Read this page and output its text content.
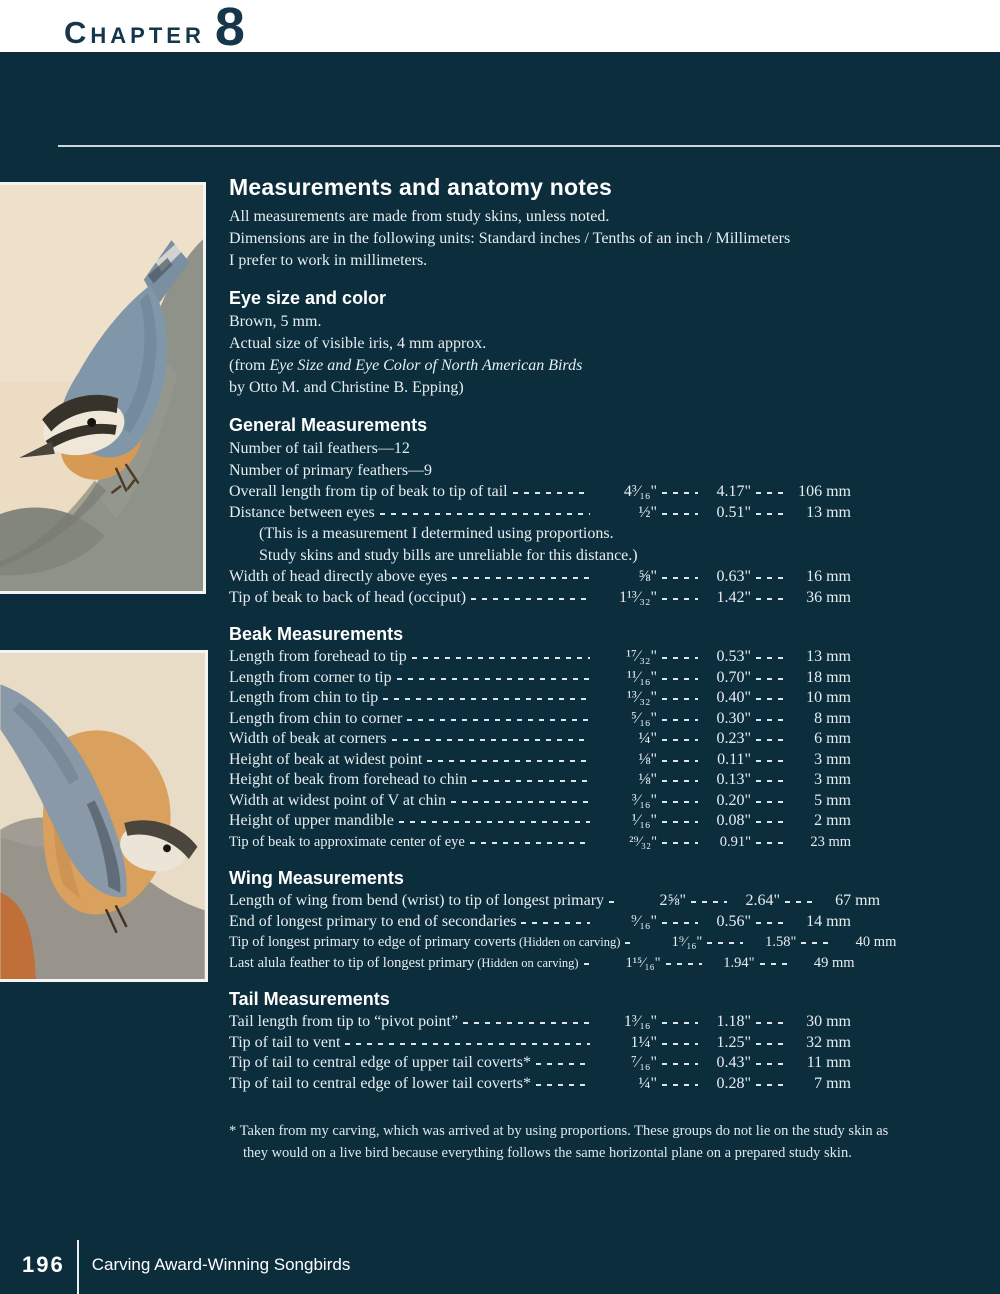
Chapter 8
Measurements and anatomy notes

All measurements are made from study skins, unless noted.

Dimensions are in the following units: Standard inches / Tenths of an inch / Millimeters

I prefer to work in millimeters.

Eye size and color

Brown, 5 mm.

Actual size of visible iris, 4 mm approx.

(from Eye Size and Eye Color of North American Birds

by Otto M. and Christine B. Epping)

General Measurements

Number of tail feathers—12

Number of primary feathers—9

Overall length from tip of beak to tip of tail	4³⁄₁₆"	4.17"	106 mm
Distance between eyes	½"	0.51"	13 mm

(This is a measurement I determined using proportions.

Study skins and study bills are unreliable for this distance.)

Width of head directly above eyes	⅝"	0.63"	16 mm
Tip of beak to back of head (occiput)	1¹³⁄₃₂"	1.42"	36 mm
Beak Measurements
Length from forehead to tip	¹⁷⁄₃₂"	0.53"	13 mm
Length from corner to tip	¹¹⁄₁₆"	0.70"	18 mm
Length from chin to tip	¹³⁄₃₂"	0.40"	10 mm
Length from chin to corner	⁵⁄₁₆"	0.30"	8 mm
Width of beak at corners	¼"	0.23"	6 mm
Height of beak at widest point	⅛"	0.11"	3 mm
Height of beak from forehead to chin	⅛"	0.13"	3 mm
Width at widest point of V at chin	³⁄₁₆"	0.20"	5 mm
Height of upper mandible	¹⁄₁₆"	0.08"	2 mm
Tip of beak to approximate center of eye	²⁹⁄₃₂"	0.91"	23 mm
Wing Measurements
Length of wing from bend (wrist) to tip of longest primary	2⅝"	2.64"	67 mm
End of longest primary to end of secondaries	⁹⁄₁₆"	0.56"	14 mm
Tip of longest primary to edge of primary coverts (Hidden on carving)	1⁹⁄₁₆"	1.58"	40 mm
Last alula feather to tip of longest primary (Hidden on carving)	1¹⁵⁄₁₆"	1.94"	49 mm
Tail Measurements
Tail length from tip to “pivot point”	1³⁄₁₆"	1.18"	30 mm
Tip of tail to vent	1¼"	1.25"	32 mm
Tip of tail to central edge of upper tail coverts*	⁷⁄₁₆"	0.43"	11 mm
Tip of tail to central edge of lower tail coverts*	¼"	0.28"	7 mm

* Taken from my carving, which was arrived at by using proportions. These groups do not lie on the study skin as they would on a live bird because everything follows the same horizontal plane on a prepared study skin.

196 Carving Award-Winning Songbirds
